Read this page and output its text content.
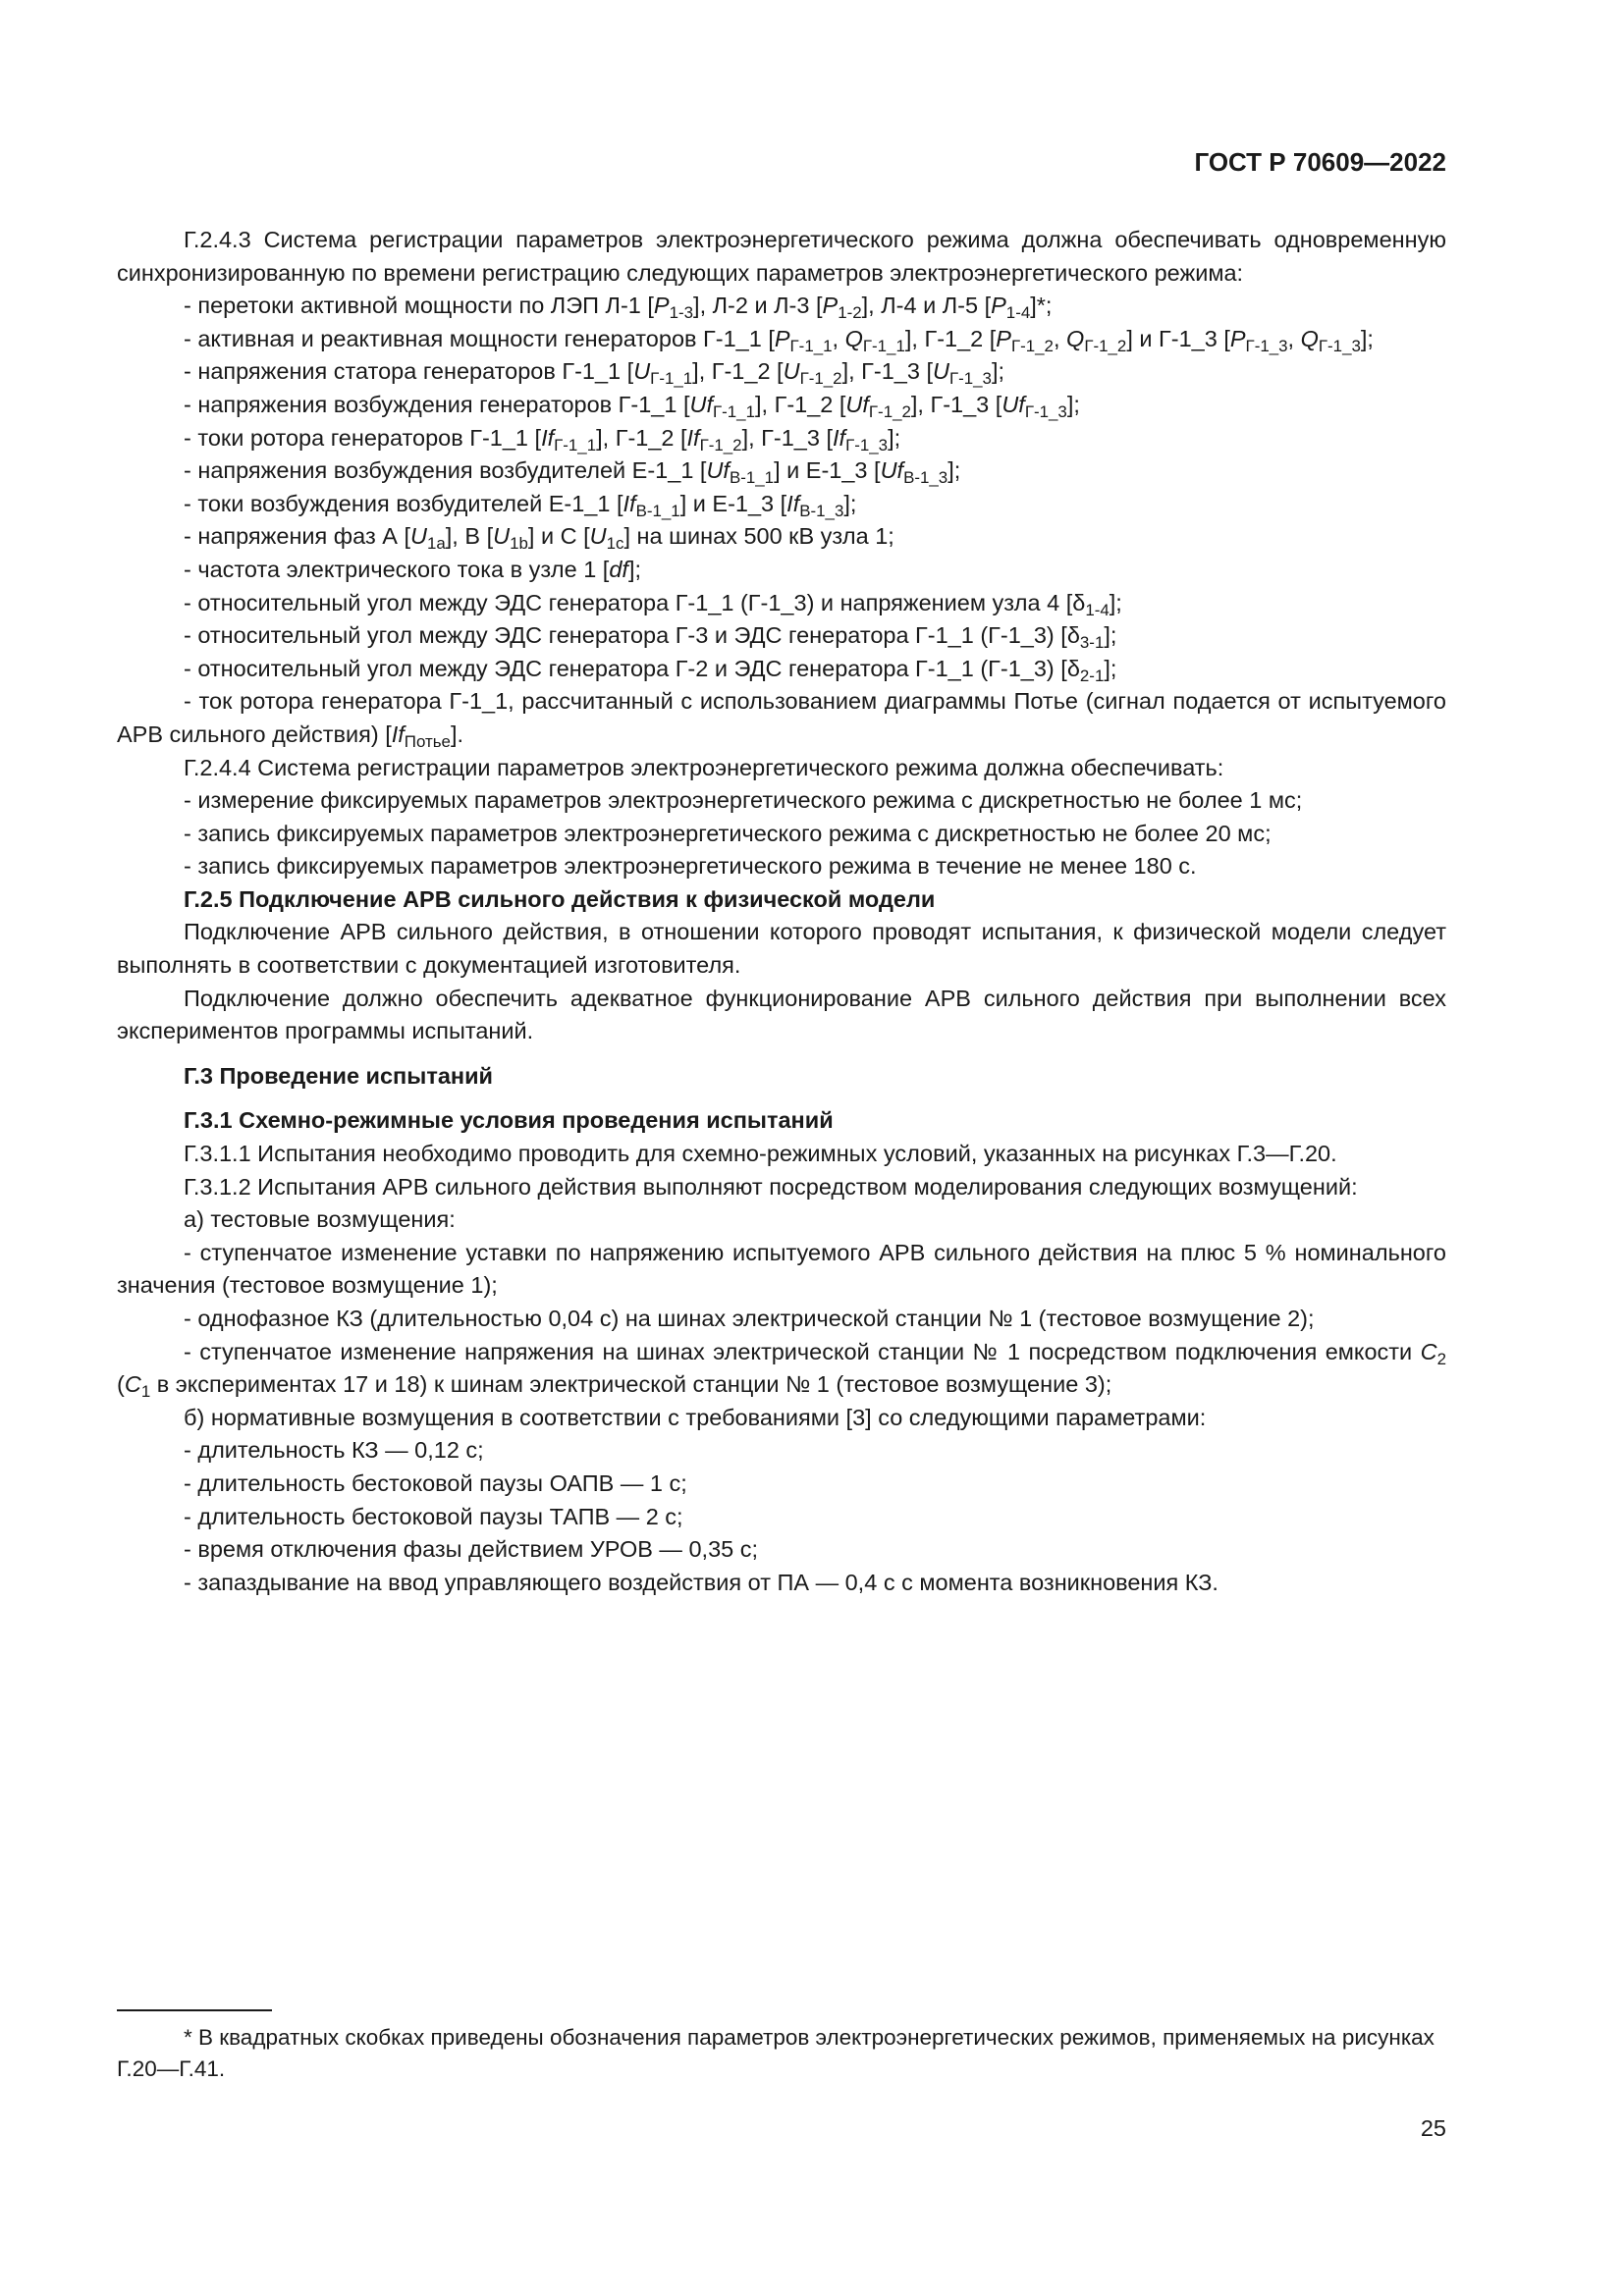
ГОСТ Р 70609—2022

Г.2.4.3 Система регистрации параметров электроэнергетического режима должна обеспечивать одновременную синхронизированную по времени регистрацию следующих параметров электроэнергетического режима:

- перетоки активной мощности по ЛЭП Л-1 $[P_{1-3}]$, Л-2 и Л-3 $[P_{1-2}]$, Л-4 и Л-5 $[P_{1-4}]*$;

- активная и реактивная мощности генераторов Г-1_1 [$P_{Г-1\_1}$, $Q_{Г-1\_1}$], Г-1_2 [$P_{Г-1\_2}$, $Q_{Г-1\_2}$] и Г-1_3 [$P_{Г-1\_3}$, $Q_{Г-1\_3}$];

- напряжения статора генераторов Г-1_1 $[U_{Г-1\_1}]$, Г-1_2 $[U_{Г-1\_2}]$, Г-1_3 $[U_{Г-1\_3}]$;

- напряжения возбуждения генераторов Г-1_1 $[Uf_{Г-1\_1}]$, Г-1_2 $[Uf_{Г-1\_2}]$, Г-1_3 $[Uf_{Г-1\_3}]$;

- токи ротора генераторов Г-1_1 $[If_{Г-1\_1}]$, Г-1_2 $[If_{Г-1\_2}]$, Г-1_3 $[If_{Г-1\_3}]$;

- напряжения возбуждения возбудителей Е-1_1 $[Uf_{В-1\_1}]$ и Е-1_3 $[Uf_{В-1\_3}]$;

- токи возбуждения возбудителей Е-1_1 $[If_{В-1\_1}]$ и Е-1_3 $[If_{В-1\_3}]$;

- напряжения фаз А $[U_{1a}]$, В $[U_{1b}]$ и С $[U_{1c}]$ на шинах 500 кВ узла 1;

- частота электрического тока в узле 1 [df];

- относительный угол между ЭДС генератора Г-1_1 (Г-1_3) и напряжением узла 4 $[\delta_{1-4}]$;

- относительный угол между ЭДС генератора Г-3 и ЭДС генератора Г-1_1 (Г-1_3) $[\delta_{3-1}]$;

- относительный угол между ЭДС генератора Г-2 и ЭДС генератора Г-1_1 (Г-1_3) $[\delta_{2-1}]$;

- ток ротора генератора Г-1_1, рассчитанный с использованием диаграммы Потье (сигнал подается от испытуемого АРВ сильного действия) $[If_{Потье}]$.

Г.2.4.4 Система регистрации параметров электроэнергетического режима должна обеспечивать:

- измерение фиксируемых параметров электроэнергетического режима с дискретностью не более 1 мс;

- запись фиксируемых параметров электроэнергетического режима с дискретностью не более 20 мс;

- запись фиксируемых параметров электроэнергетического режима в течение не менее 180 с.

Г.2.5 Подключение АРВ сильного действия к физической модели

Подключение АРВ сильного действия, в отношении которого проводят испытания, к физической модели следует выполнять в соответствии с документацией изготовителя.

Подключение должно обеспечить адекватное функционирование АРВ сильного действия при выполнении всех экспериментов программы испытаний.

Г.3 Проведение испытаний

Г.3.1 Схемно-режимные условия проведения испытаний

Г.3.1.1 Испытания необходимо проводить для схемно-режимных условий, указанных на рисунках Г.3—Г.20.

Г.3.1.2 Испытания АРВ сильного действия выполняют посредством моделирования следующих возмущений:

а) тестовые возмущения:

- ступенчатое изменение уставки по напряжению испытуемого АРВ сильного действия на плюс 5 % номинального значения (тестовое возмущение 1);

- однофазное КЗ (длительностью 0,04 с) на шинах электрической станции № 1 (тестовое возмущение 2);

- ступенчатое изменение напряжения на шинах электрической станции № 1 посредством подключения емкости $C_2$ ($C_1$ в экспериментах 17 и 18) к шинам электрической станции № 1 (тестовое возмущение 3);

б) нормативные возмущения в соответствии с требованиями [3] со следующими параметрами:

- длительность КЗ — 0,12 с;

- длительность бестоковой паузы ОАПВ — 1 с;

- длительность бестоковой паузы ТАПВ — 2 с;

- время отключения фазы действием УРОВ — 0,35 с;

- запаздывание на ввод управляющего воздействия от ПА — 0,4 с с момента возникновения КЗ.

* В квадратных скобках приведены обозначения параметров электроэнергетических режимов, применяемых на рисунках Г.20—Г.41.

25
